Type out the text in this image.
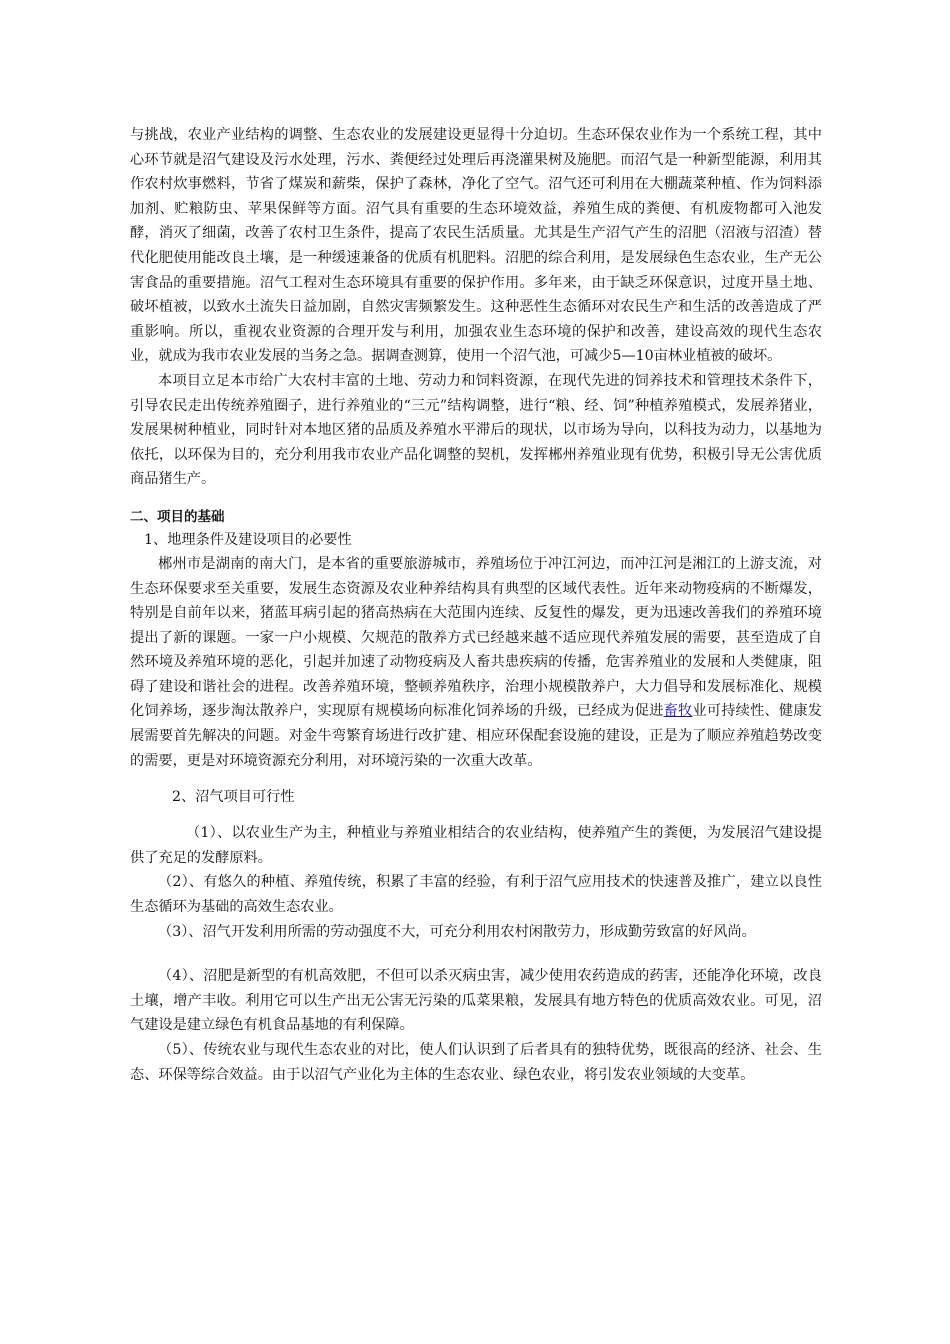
与挑战，农业产业结构的调整、生态农业的发展建设更显得十分迫切。生态环保农业作为一个系统工程，其中心环节就是沼气建设及污水处理，污水、粪便经过处理后再浇灌果树及施肥。而沼气是一种新型能源，利用其作农村炊事燃料，节省了煤炭和薪柴，保护了森林，净化了空气。沼气还可利用在大棚蔬菜种植、作为饲料添加剂、贮粮防虫、苹果保鲜等方面。沼气具有重要的生态环境效益，养殖生成的粪便、有机废物都可入池发酵，消灭了细菌，改善了农村卫生条件，提高了农民生活质量。尤其是生产沼气产生的沼肥（沼液与沼渣）替代化肥使用能改良土壤，是一种缓速兼备的优质有机肥料。沼肥的综合利用，是发展绿色生态农业，生产无公害食品的重要措施。沼气工程对生态环境具有重要的保护作用。多年来，由于缺乏环保意识，过度开垦土地、破坏植被，以致水土流失日益加剧，自然灾害频繁发生。这种恶性生态循环对农民生产和生活的改善造成了严重影响。所以，重视农业资源的合理开发与利用，加强农业生态环境的保护和改善，建设高效的现代生态农业，就成为我市农业发展的当务之急。据调查测算，使用一个沼气池，可减少5—10亩林业植被的破坏。

本项目立足本市给广大农村丰富的土地、劳动力和饲料资源，在现代先进的饲养技术和管理技术条件下，引导农民走出传统养殖圈子，进行养殖业的“三元”结构调整，进行“粮、经、饲”种植养殖模式，发展养猪业，发展果树种植业，同时针对本地区猪的品质及养殖水平滞后的现状，以市场为导向，以科技为动力，以基地为依托，以环保为目的，充分利用我市农业产品化调整的契机，发挥郴州养殖业现有优势，积极引导无公害优质商品猪生产。

二、项目的基础
1、地理条件及建设项目的必要性

郴州市是湖南的南大门，是本省的重要旅游城市，养殖场位于冲江河边，而冲江河是湘江的上游支流，对生态环保要求至关重要，发展生态资源及农业种养结构具有典型的区域代表性。近年来动物疫病的不断爆发，特别是自前年以来，猪蓝耳病引起的猪高热病在大范围内连续、反复性的爆发，更为迅速改善我们的养殖环境提出了新的课题。一家一户小规模、欠规范的散养方式已经越来越不适应现代养殖发展的需要，甚至造成了自然环境及养殖环境的恶化，引起并加速了动物疫病及人畜共患疾病的传播，危害养殖业的发展和人类健康，阻碍了建设和谐社会的进程。改善养殖环境，整顿养殖秩序，治理小规模散养户，大力倡导和发展标准化、规模化饲养场，逐步淘汰散养户，实现原有规模场向标准化饲养场的升级，已经成为促进畜牧业可持续性、健康发展需要首先解决的问题。对金牛弯繁育场进行改扩建、相应环保配套设施的建设，正是为了顺应养殖趋势改变的需要，更是对环境资源充分利用，对环境污染的一次重大改革。

2、沼气项目可行性

（1）、以农业生产为主，种植业与养殖业相结合的农业结构，使养殖产生的粪便，为发展沼气建设提供了充足的发酵原料。

（2）、有悠久的种植、养殖传统，积累了丰富的经验，有利于沼气应用技术的快速普及推广，建立以良性生态循环为基础的高效生态农业。

（3）、沼气开发利用所需的劳动强度不大，可充分利用农村闲散劳力，形成勤劳致富的好风尚。

（4）、沼肥是新型的有机高效肥，不但可以杀灭病虫害，减少使用农药造成的药害，还能净化环境，改良土壤，增产丰收。利用它可以生产出无公害无污染的瓜菜果粮，发展具有地方特色的优质高效农业。可见，沼气建设是建立绿色有机食品基地的有利保障。

（5）、传统农业与现代生态农业的对比，使人们认识到了后者具有的独特优势，既很高的经济、社会、生态、环保等综合效益。由于以沼气产业化为主体的生态农业、绿色农业，将引发农业领域的大变革。
